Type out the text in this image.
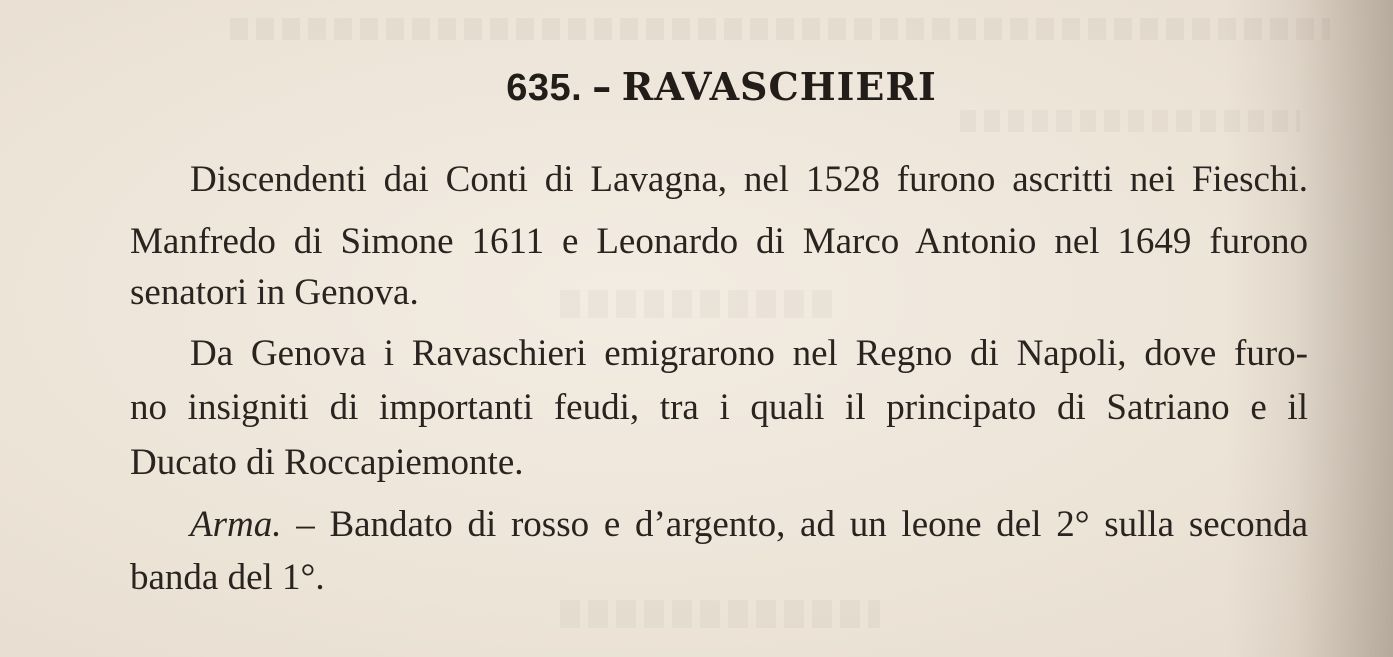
635. – RAVASCHIERI
Discendenti dai Conti di Lavagna, nel 1528 furono ascritti nei Fieschi.
Manfredo di Simone 1611 e Leonardo di Marco Antonio nel 1649 furono
senatori in Genova.
Da Genova i Ravaschieri emigrarono nel Regno di Napoli, dove furo-
no insigniti di importanti feudi, tra i quali il principato di Satriano e il
Ducato di Roccapiemonte.
Arma. – Bandato di rosso e d’argento, ad un leone del 2° sulla seconda
banda del 1°.
